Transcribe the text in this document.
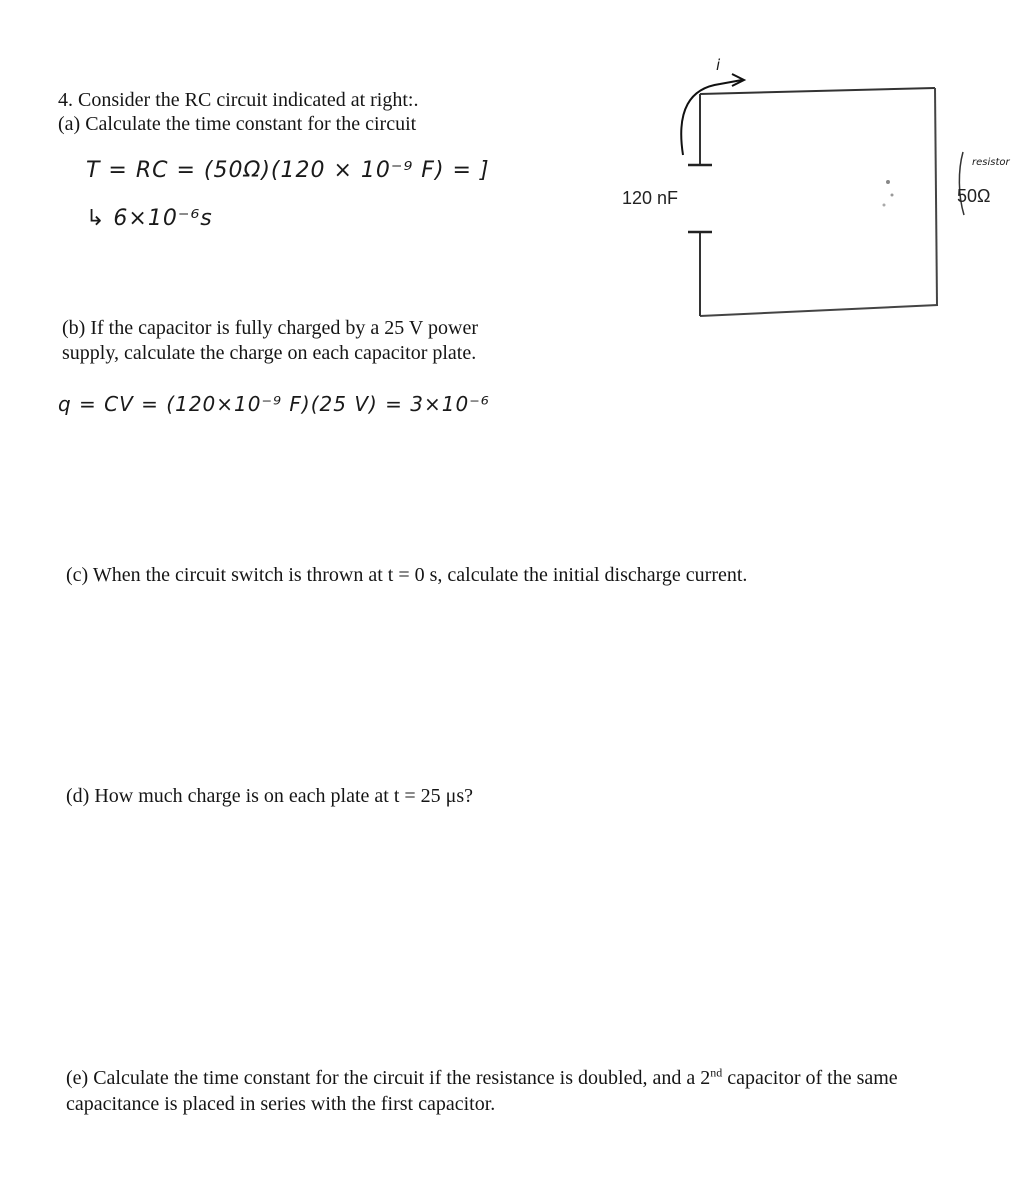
4. Consider the RC circuit indicated at right:.
(a) Calculate the time constant for the circuit
(b) If the capacitor is fully charged by a 25 V power
supply, calculate the charge on each capacitor plate.
(c) When the circuit switch is thrown at t = 0 s, calculate the initial discharge current.
(d) How much charge is on each plate at t = 25 μs?
(e) Calculate the time constant for the circuit if the resistance is doubled, and a 2nd capacitor of the same
capacitance is placed in series with the first capacitor.
T = RC = (50Ω)(120 × 10⁻⁹ F) = ]
↳ 6×10⁻⁶s
q = CV = (120×10⁻⁹ F)(25 V) = 3×10⁻⁶
i
resistor
120 nF	50Ω
